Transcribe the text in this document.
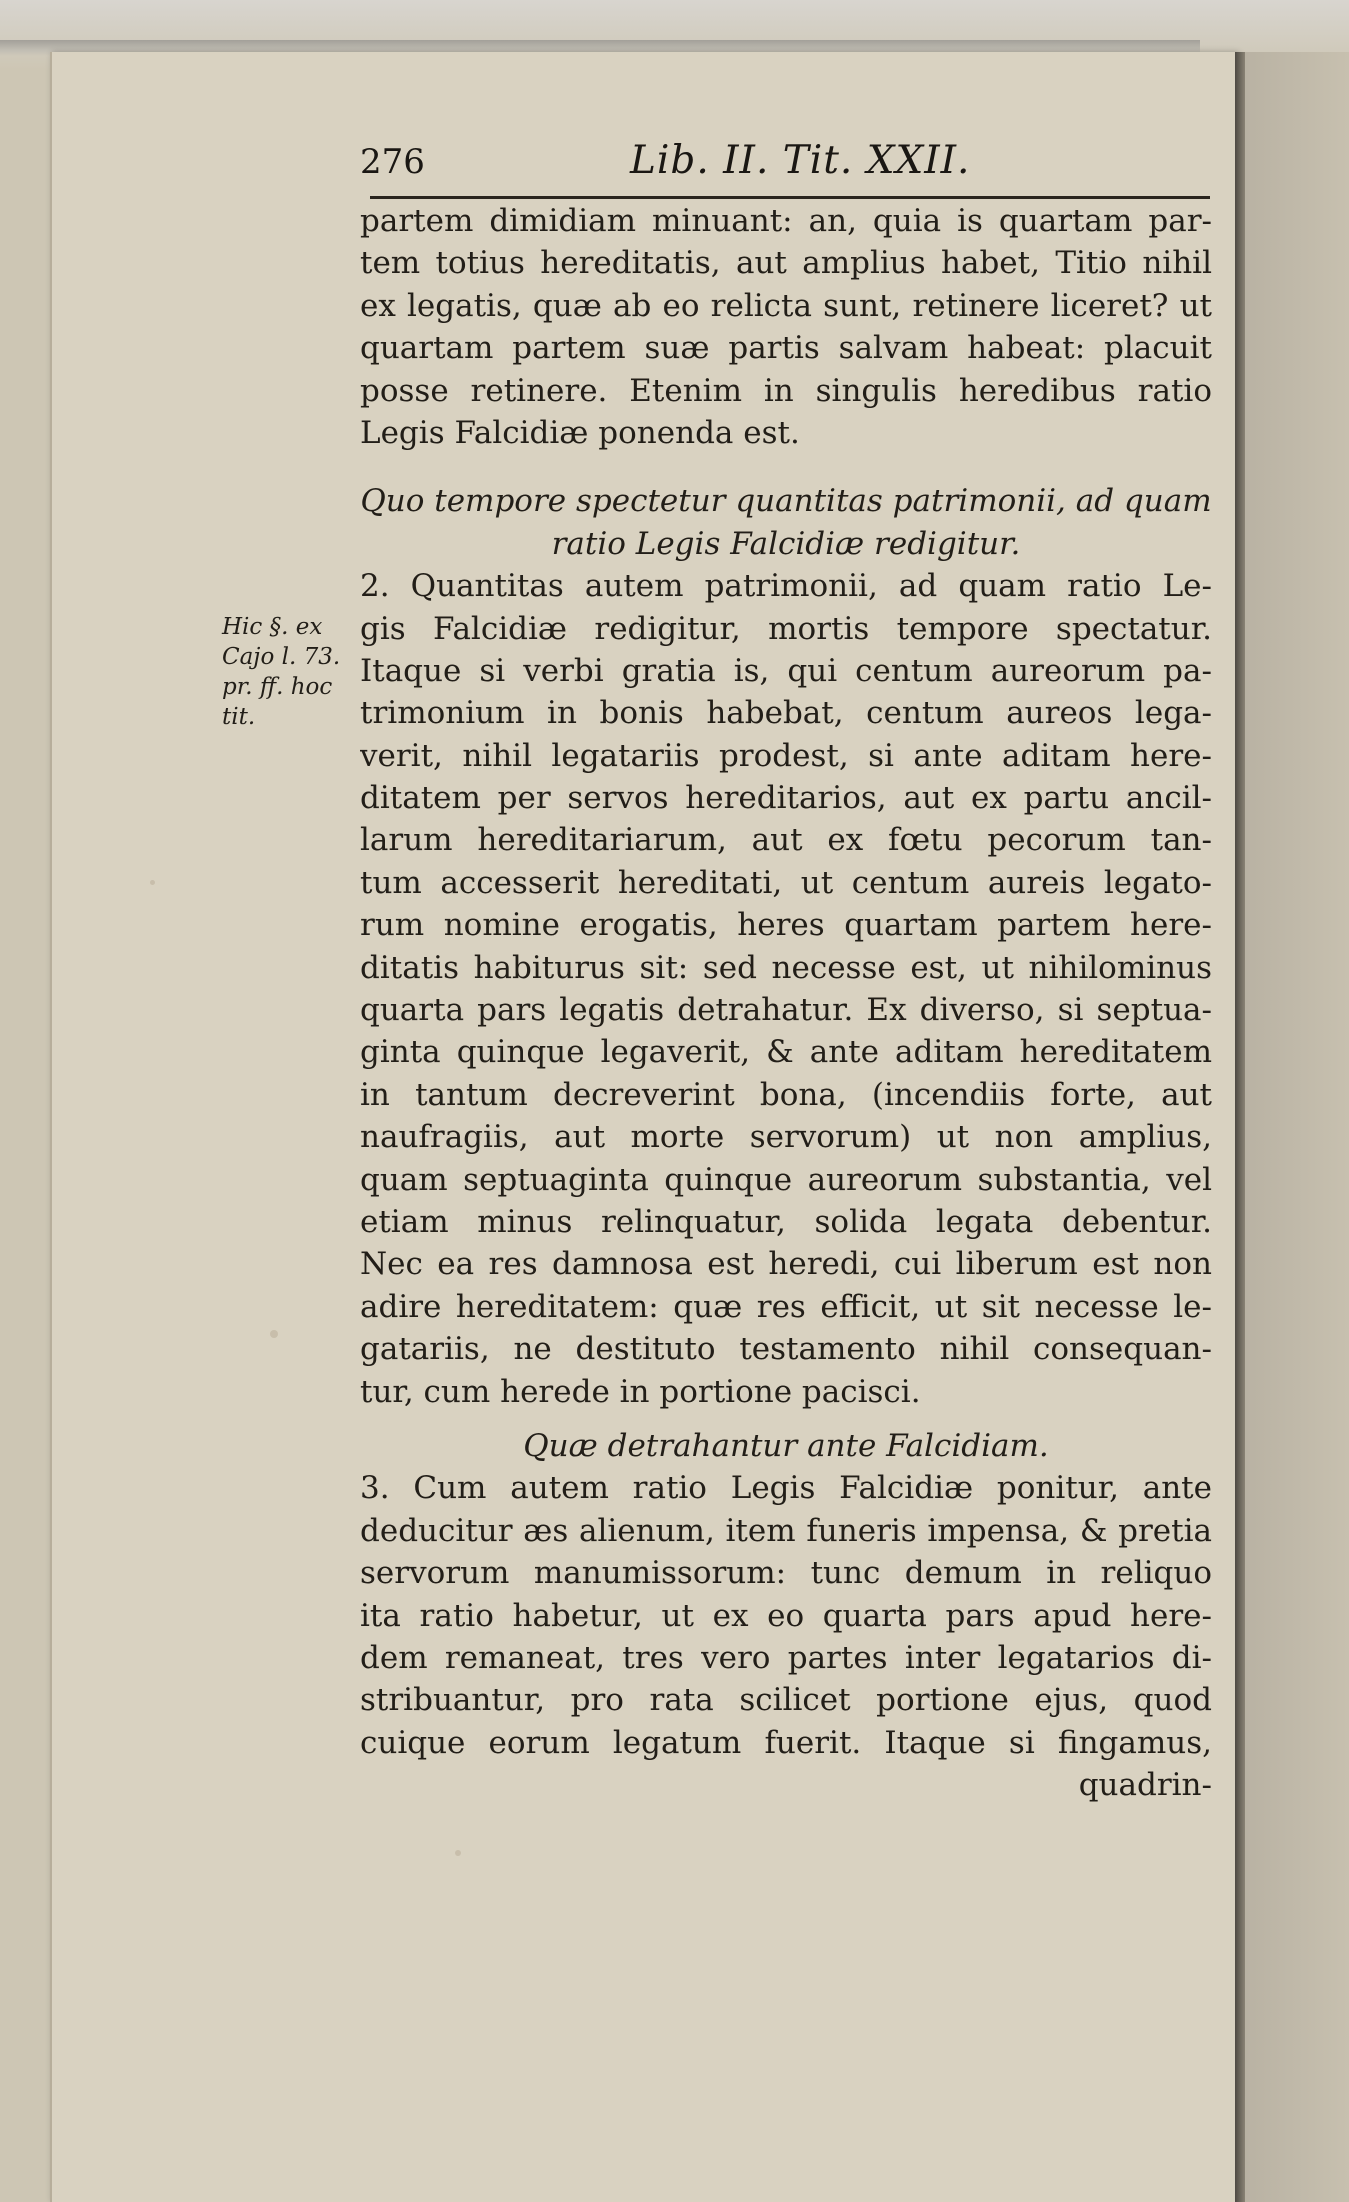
276	Lib. II. Tit. XXII.
Hic §. ex
Cajo l. 73.
pr. ff. hoc
tit.
partem dimidiam minuant: an, quia is quartam par-
tem totius hereditatis, aut amplius habet, Titio nihil
ex legatis, quæ ab eo relicta sunt, retinere liceret? ut
quartam partem suæ partis salvam habeat: placuit
posse retinere. Etenim in singulis heredibus ratio
Legis Falcidiæ ponenda est.
Quo tempore spectetur quantitas patrimonii, ad quam
ratio Legis Falcidiæ redigitur.
2. Quantitas autem patrimonii, ad quam ratio Le-
gis Falcidiæ redigitur, mortis tempore spectatur.
Itaque si verbi gratia is, qui centum aureorum pa-
trimonium in bonis habebat, centum aureos lega-
verit, nihil legatariis prodest, si ante aditam here-
ditatem per servos hereditarios, aut ex partu ancil-
larum hereditariarum, aut ex fœtu pecorum tan-
tum accesserit hereditati, ut centum aureis legato-
rum nomine erogatis, heres quartam partem here-
ditatis habiturus sit: sed necesse est, ut nihilominus
quarta pars legatis detrahatur. Ex diverso, si septua-
ginta quinque legaverit, & ante aditam hereditatem
in tantum decreverint bona, (incendiis forte, aut
naufragiis, aut morte servorum) ut non amplius,
quam septuaginta quinque aureorum substantia, vel
etiam minus relinquatur, solida legata debentur.
Nec ea res damnosa est heredi, cui liberum est non
adire hereditatem: quæ res efficit, ut sit necesse le-
gatariis, ne destituto testamento nihil consequan-
tur, cum herede in portione pacisci.
Quæ detrahantur ante Falcidiam.
3. Cum autem ratio Legis Falcidiæ ponitur, ante
deducitur æs alienum, item funeris impensa, & pretia
servorum manumissorum: tunc demum in reliquo
ita ratio habetur, ut ex eo quarta pars apud here-
dem remaneat, tres vero partes inter legatarios di-
stribuantur, pro rata scilicet portione ejus, quod
cuique eorum legatum fuerit. Itaque si fingamus,
quadrin-
